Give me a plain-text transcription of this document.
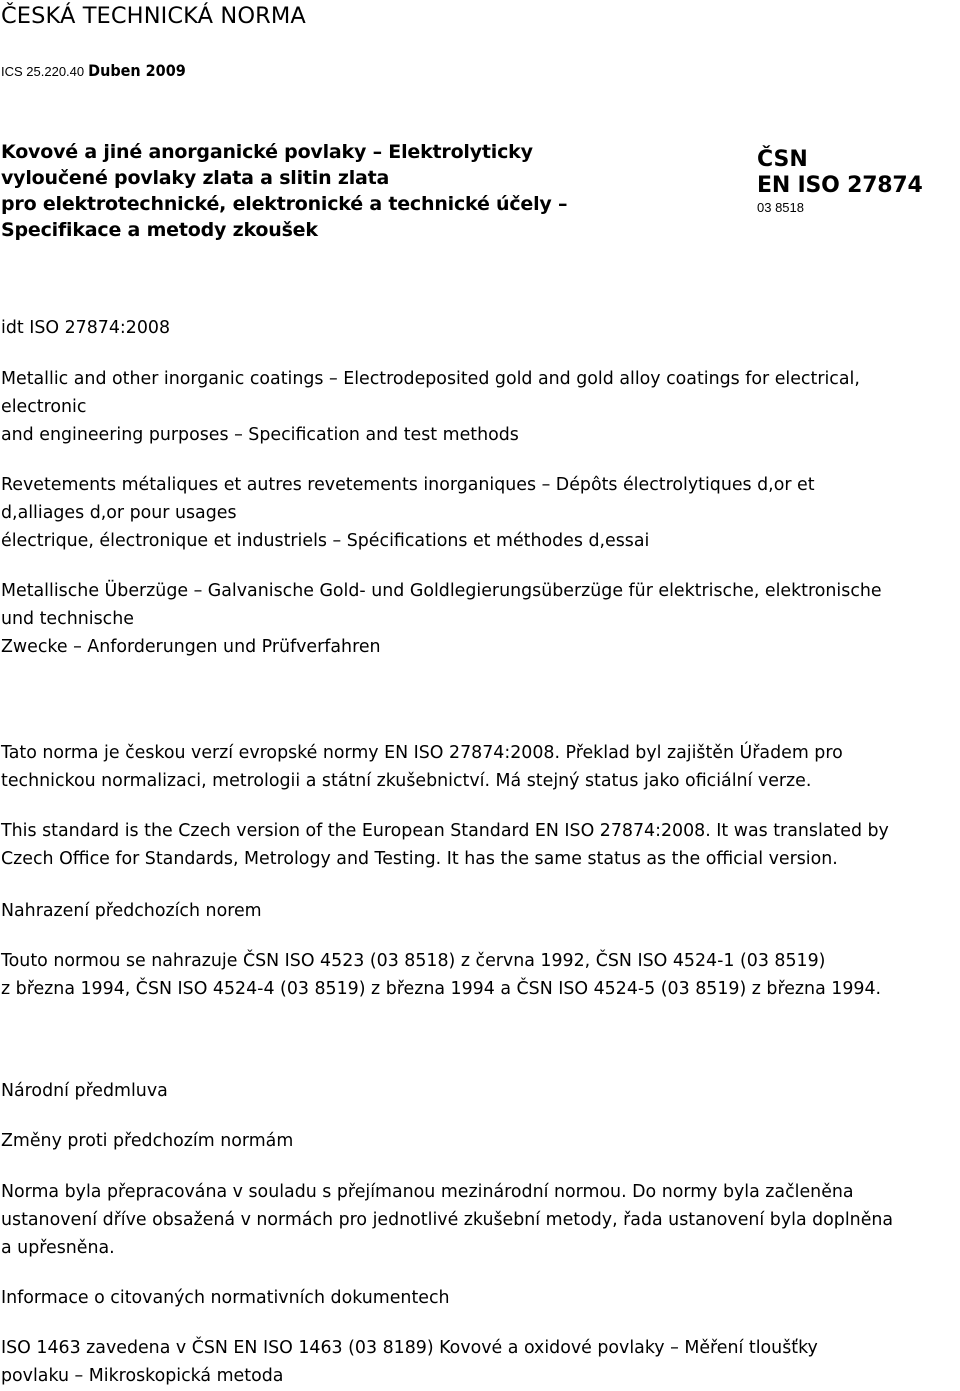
ČESKÁ TECHNICKÁ NORMA
ICS 25.220.40 Duben 2009
Kovové a jiné anorganické povlaky – Elektrolyticky
vyloučené povlaky zlata a slitin zlata
pro elektrotechnické, elektronické a technické účely –
Specifikace a metody zkoušek
ČSN
EN ISO 27874
03 8518
idt ISO 27874:2008
Metallic and other inorganic coatings – Electrodeposited gold and gold alloy coatings for electrical,
electronic
and engineering purposes – Specification and test methods
Revetements métaliques et autres revetements inorganiques – Dépôts électrolytiques d,or et
d,alliages d,or pour usages
électrique, électronique et industriels – Spécifications et méthodes d,essai
Metallische Überzüge – Galvanische Gold- und Goldlegierungsüberzüge für elektrische, elektronische
und technische
Zwecke – Anforderungen und Prüfverfahren
Tato norma je českou verzí evropské normy EN ISO 27874:2008. Překlad byl zajištěn Úřadem pro
technickou normalizaci, metrologii a státní zkušebnictví. Má stejný status jako oficiální verze.
This standard is the Czech version of the European Standard EN ISO 27874:2008. It was translated by
Czech Office for Standards, Metrology and Testing. It has the same status as the official version.
Nahrazení předchozích norem
Touto normou se nahrazuje ČSN ISO 4523 (03 8518) z června 1992, ČSN ISO 4524-1 (03 8519)
z března 1994, ČSN ISO 4524-4 (03 8519) z března 1994 a ČSN ISO 4524-5 (03 8519) z března 1994.
Národní předmluva
Změny proti předchozím normám
Norma byla přepracována v souladu s přejímanou mezinárodní normou. Do normy byla začleněna
ustanovení dříve obsažená v normách pro jednotlivé zkušební metody, řada ustanovení byla doplněna
a upřesněna.
Informace o citovaných normativních dokumentech
ISO 1463 zavedena v ČSN EN ISO 1463 (03 8189) Kovové a oxidové povlaky – Měření tloušťky
povlaku – Mikroskopická metoda
